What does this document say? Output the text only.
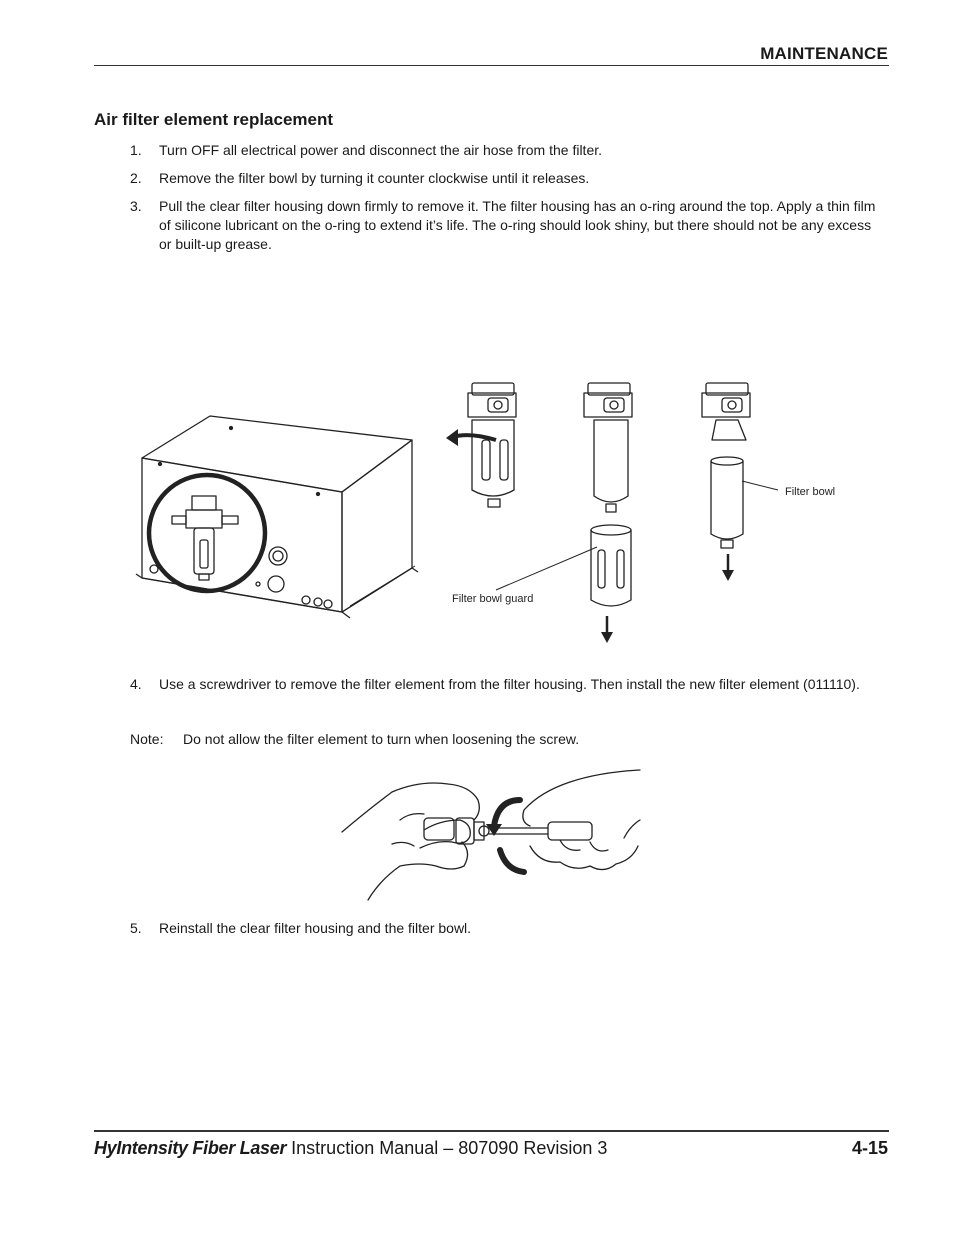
MAINTENANCE
Air filter element replacement
1.	Turn OFF all electrical power and disconnect the air hose from the filter.
2.	Remove the filter bowl by turning it counter clockwise until it releases.
3.	Pull the clear filter housing down firmly to remove it. The filter housing has an o-ring around the top. Apply a thin film of silicone lubricant on the o-ring to extend it’s life. The o-ring should look shiny, but there should not be any excess or built-up grease.
Filter bowl
Filter bowl guard
4.	Use a screwdriver to remove the filter element from the filter housing. Then install the new filter element (011110).
Note: Do not allow the filter element to turn when loosening the screw.
5.	Reinstall the clear filter housing and the filter bowl.
HyIntensity Fiber Laser Instruction Manual – 807090 Revision 3	4-15
